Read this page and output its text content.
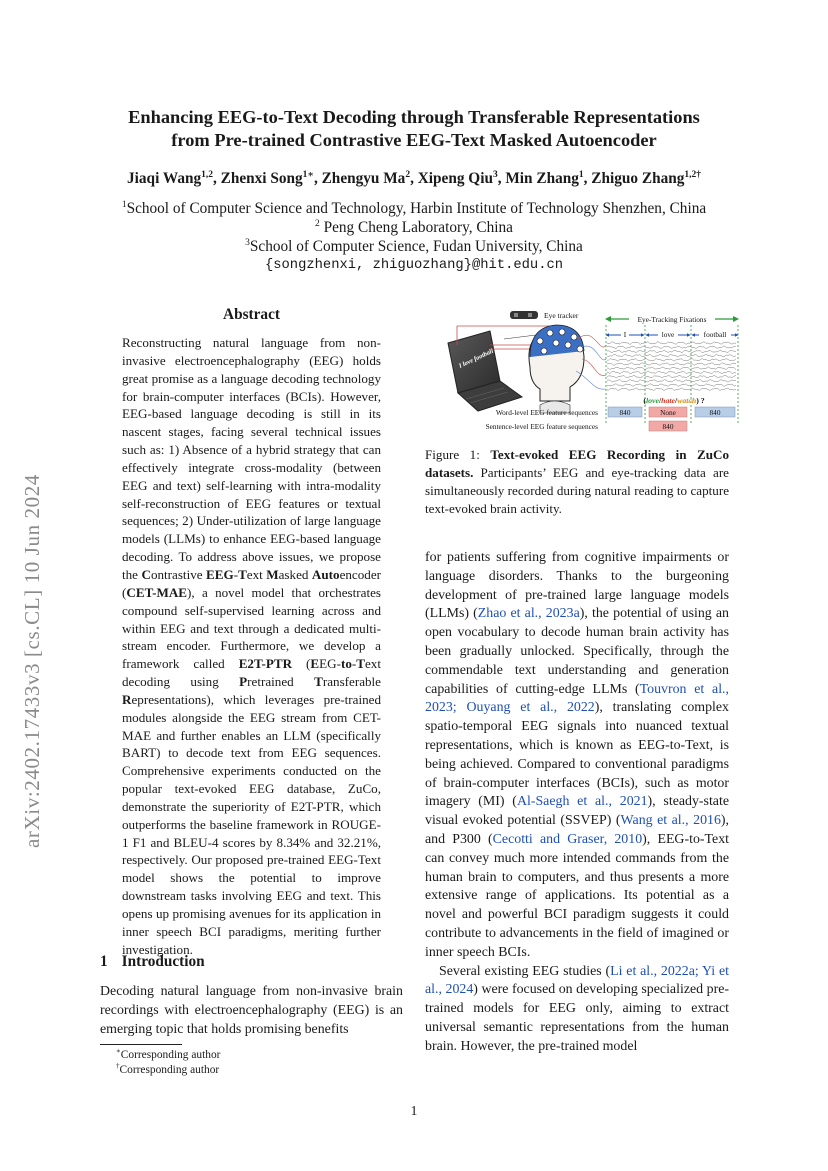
arXiv:2402.17433v3 [cs.CL] 10 Jun 2024
Enhancing EEG-to-Text Decoding through Transferable Representations
from Pre-trained Contrastive EEG-Text Masked Autoencoder
Jiaqi Wang$^{1,2}$, Zhenxi Song$^{1∗}$, Zhengyu Ma$^2$, Xipeng Qiu$^3$, Min Zhang$^1$, Zhiguo Zhang$^{1,2\dagger}$
$^1$School of Computer Science and Technology, Harbin Institute of Technology Shenzhen, China
$^2$ Peng Cheng Laboratory, China
$^3$School of Computer Science, Fudan University, China
{songzhenxi, zhiguozhang}@hit.edu.cn
Abstract

Reconstructing natural language from non-invasive electroencephalography (EEG) holds great promise as a language decoding technology for brain-computer interfaces (BCIs). However, EEG-based language decoding is still in its nascent stages, facing several technical issues such as: 1) Absence of a hybrid strategy that can effectively integrate cross-modality (between EEG and text) self-learning with intra-modality self-reconstruction of EEG features or textual sequences; 2) Under-utilization of large language models (LLMs) to enhance EEG-based language decoding. To address above issues, we propose the Contrastive EEG-Text Masked Autoencoder (CET-MAE), a novel model that orchestrates compound self-supervised learning across and within EEG and text through a dedicated multi-stream encoder. Furthermore, we develop a framework called E2T-PTR (EEG-to-Text decoding using Pretrained Transferable Representations), which leverages pre-trained modules alongside the EEG stream from CET-MAE and further enables an LLM (specifically BART) to decode text from EEG sequences. Comprehensive experiments conducted on the popular text-evoked EEG database, ZuCo, demonstrate the superiority of E2T-PTR, which outperforms the baseline framework in ROUGE-1 F1 and BLEU-4 scores by 8.34% and 32.21%, respectively. Our proposed pre-trained EEG-Text model shows the potential to improve downstream tasks involving EEG and text. This opens up promising avenues for its application in inner speech BCI paradigms, meriting further investigation.

1 Introduction

Decoding natural language from non-invasive brain recordings with electroencephalography (EEG) is an emerging topic that holds promising benefits

∗Corresponding author
†Corresponding author
Eye tracker
I love football
Eye-Tracking Fixations
I	love	football
(love/hate/watch) ?
Word-level EEG feature sequences
Sentence-level EEG feature sequences
840	None	840
840

Figure 1: Text-evoked EEG Recording in ZuCo datasets. Participants’ EEG and eye-tracking data are simultaneously recorded during natural reading to capture text-evoked brain activity.

for patients suffering from cognitive impairments or language disorders. Thanks to the burgeoning development of pre-trained large language models (LLMs) (Zhao et al., 2023a), the potential of using an open vocabulary to decode human brain activity has been gradually unlocked. Specifically, through the commendable text understanding and generation capabilities of cutting-edge LLMs (Touvron et al., 2023; Ouyang et al., 2022), translating complex spatio-temporal EEG signals into nuanced textual representations, which is known as EEG-to-Text, is being achieved. Compared to conventional paradigms of brain-computer interfaces (BCIs), such as motor imagery (MI) (Al-Saegh et al., 2021), steady-state visual evoked potential (SSVEP) (Wang et al., 2016), and P300 (Cecotti and Graser, 2010), EEG-to-Text can convey much more intended commands from the human brain to computers, and thus presents a more extensive range of applications. Its potential as a novel and powerful BCI paradigm suggests it could contribute to advancements in the field of imagined or inner speech BCIs.

Several existing EEG studies (Li et al., 2022a; Yi et al., 2024) were focused on developing specialized pre-trained models for EEG only, aiming to extract universal semantic representations from the human brain. However, the pre-trained model

1
